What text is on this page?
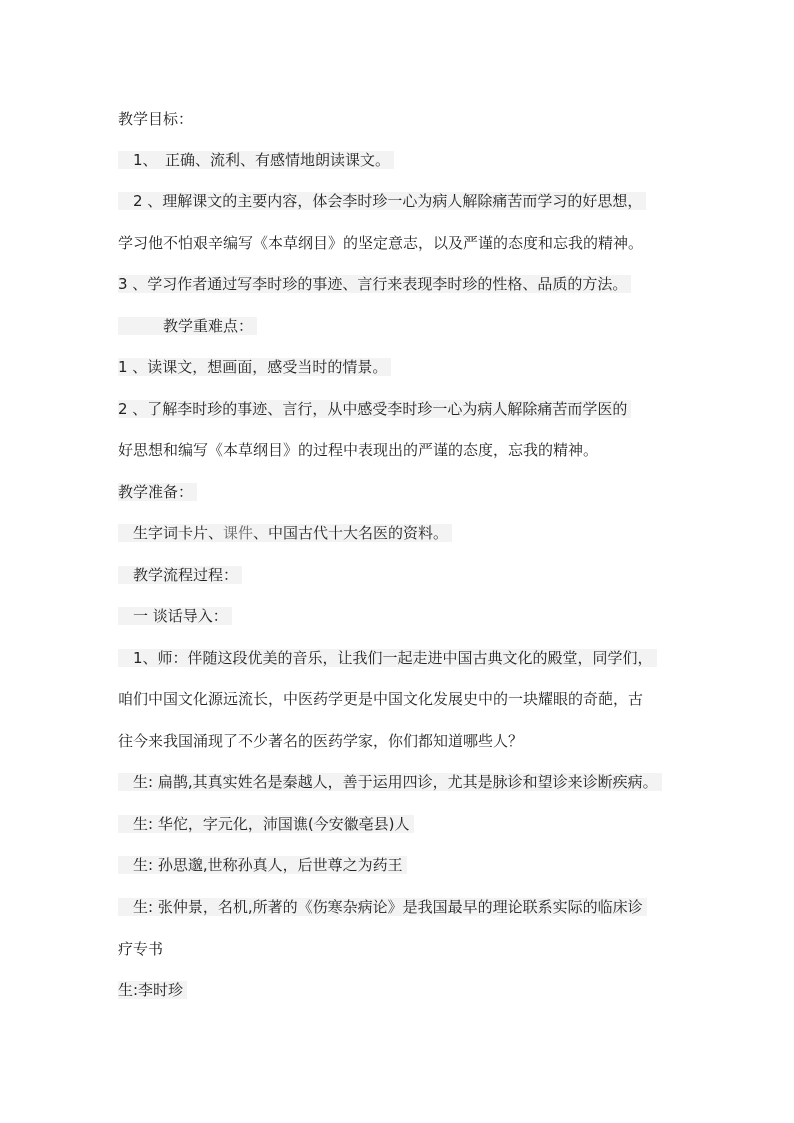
教学目标：
　1、　正确、流利、有感情地朗读课文。
　2 、理解课文的主要内容，体会李时珍一心为病人解除痛苦而学习的好思想，
学习他不怕艰辛编写《本草纲目》的坚定意志，以及严谨的态度和忘我的精神。
3 、学习作者通过写李时珍的事迹、言行来表现李时珍的性格、品质的方法。
　　　教学重难点：
1 、读课文，想画面，感受当时的情景。
2 、了解李时珍的事迹、言行，从中感受李时珍一心为病人解除痛苦而学医的
好思想和编写《本草纲目》的过程中表现出的严谨的态度，忘我的精神。
教学准备：
　生字词卡片、课件、中国古代十大名医的资料。
　教学流程过程：
　一 谈话导入：
　1、师：伴随这段优美的音乐，让我们一起走进中国古典文化的殿堂，同学们，
咱们中国文化源远流长，中医药学更是中国文化发展史中的一块耀眼的奇葩，古
往今来我国涌现了不少著名的医药学家，你们都知道哪些人？
　生: 扁鹊,其真实姓名是秦越人，善于运用四诊，尤其是脉诊和望诊来诊断疾病。
　生: 华佗，字元化，沛国谯(今安徽亳县)人
　生: 孙思邈,世称孙真人，后世尊之为药王
　生: 张仲景，名机,所著的《伤寒杂病论》是我国最早的理论联系实际的临床诊
疗专书
生:李时珍
